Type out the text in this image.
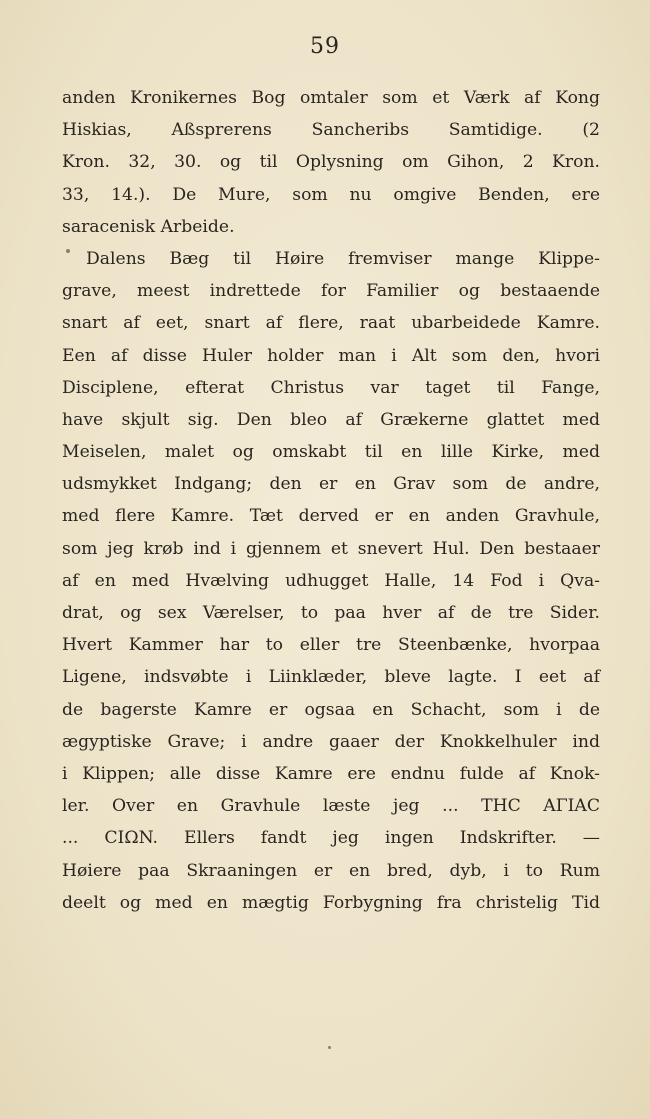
59
anden Kronikernes Bog omtaler som et Værk af Kong
Hiskias, Aßsprerens Sancheribs Samtidige. (2
Kron. 32, 30. og til Oplysning om Gihon, 2 Kron.
33, 14.). De Mure, som nu omgive Benden, ere
saracenisk Arbeide.
Dalens Bæg til Høire fremviser mange Klippe-
grave, meest indrettede for Familier og bestaaende
snart af eet, snart af flere, raat ubarbeidede Kamre.
Een af disse Huler holder man i Alt som den, hvori
Disciplene, efterat Christus var taget til Fange,
have skjult sig. Den bleo af Grækerne glattet med
Meiselen, malet og omskabt til en lille Kirke, med
udsmykket Indgang; den er en Grav som de andre,
med flere Kamre. Tæt derved er en anden Gravhule,
som jeg krøb ind i gjennem et snevert Hul. Den bestaaer
af en med Hvælving udhugget Halle, 14 Fod i Qva-
drat, og sex Værelser, to paa hver af de tre Sider.
Hvert Kammer har to eller tre Steenbænke, hvorpaa
Ligene, indsvøbte i Liinklæder, bleve lagte. I eet af
de bagerste Kamre er ogsaa en Schacht, som i de
ægyptiske Grave; i andre gaaer der Knokkelhuler ind
i Klippen; alle disse Kamre ere endnu fulde af Knok-
ler. Over en Gravhule læste jeg ... THC ΑΓΙΑC
... CIΩN. Ellers fandt jeg ingen Indskrifter. —
Høiere paa Skraaningen er en bred, dyb, i to Rum
deelt og med en mægtig Forbygning fra christelig Tid
